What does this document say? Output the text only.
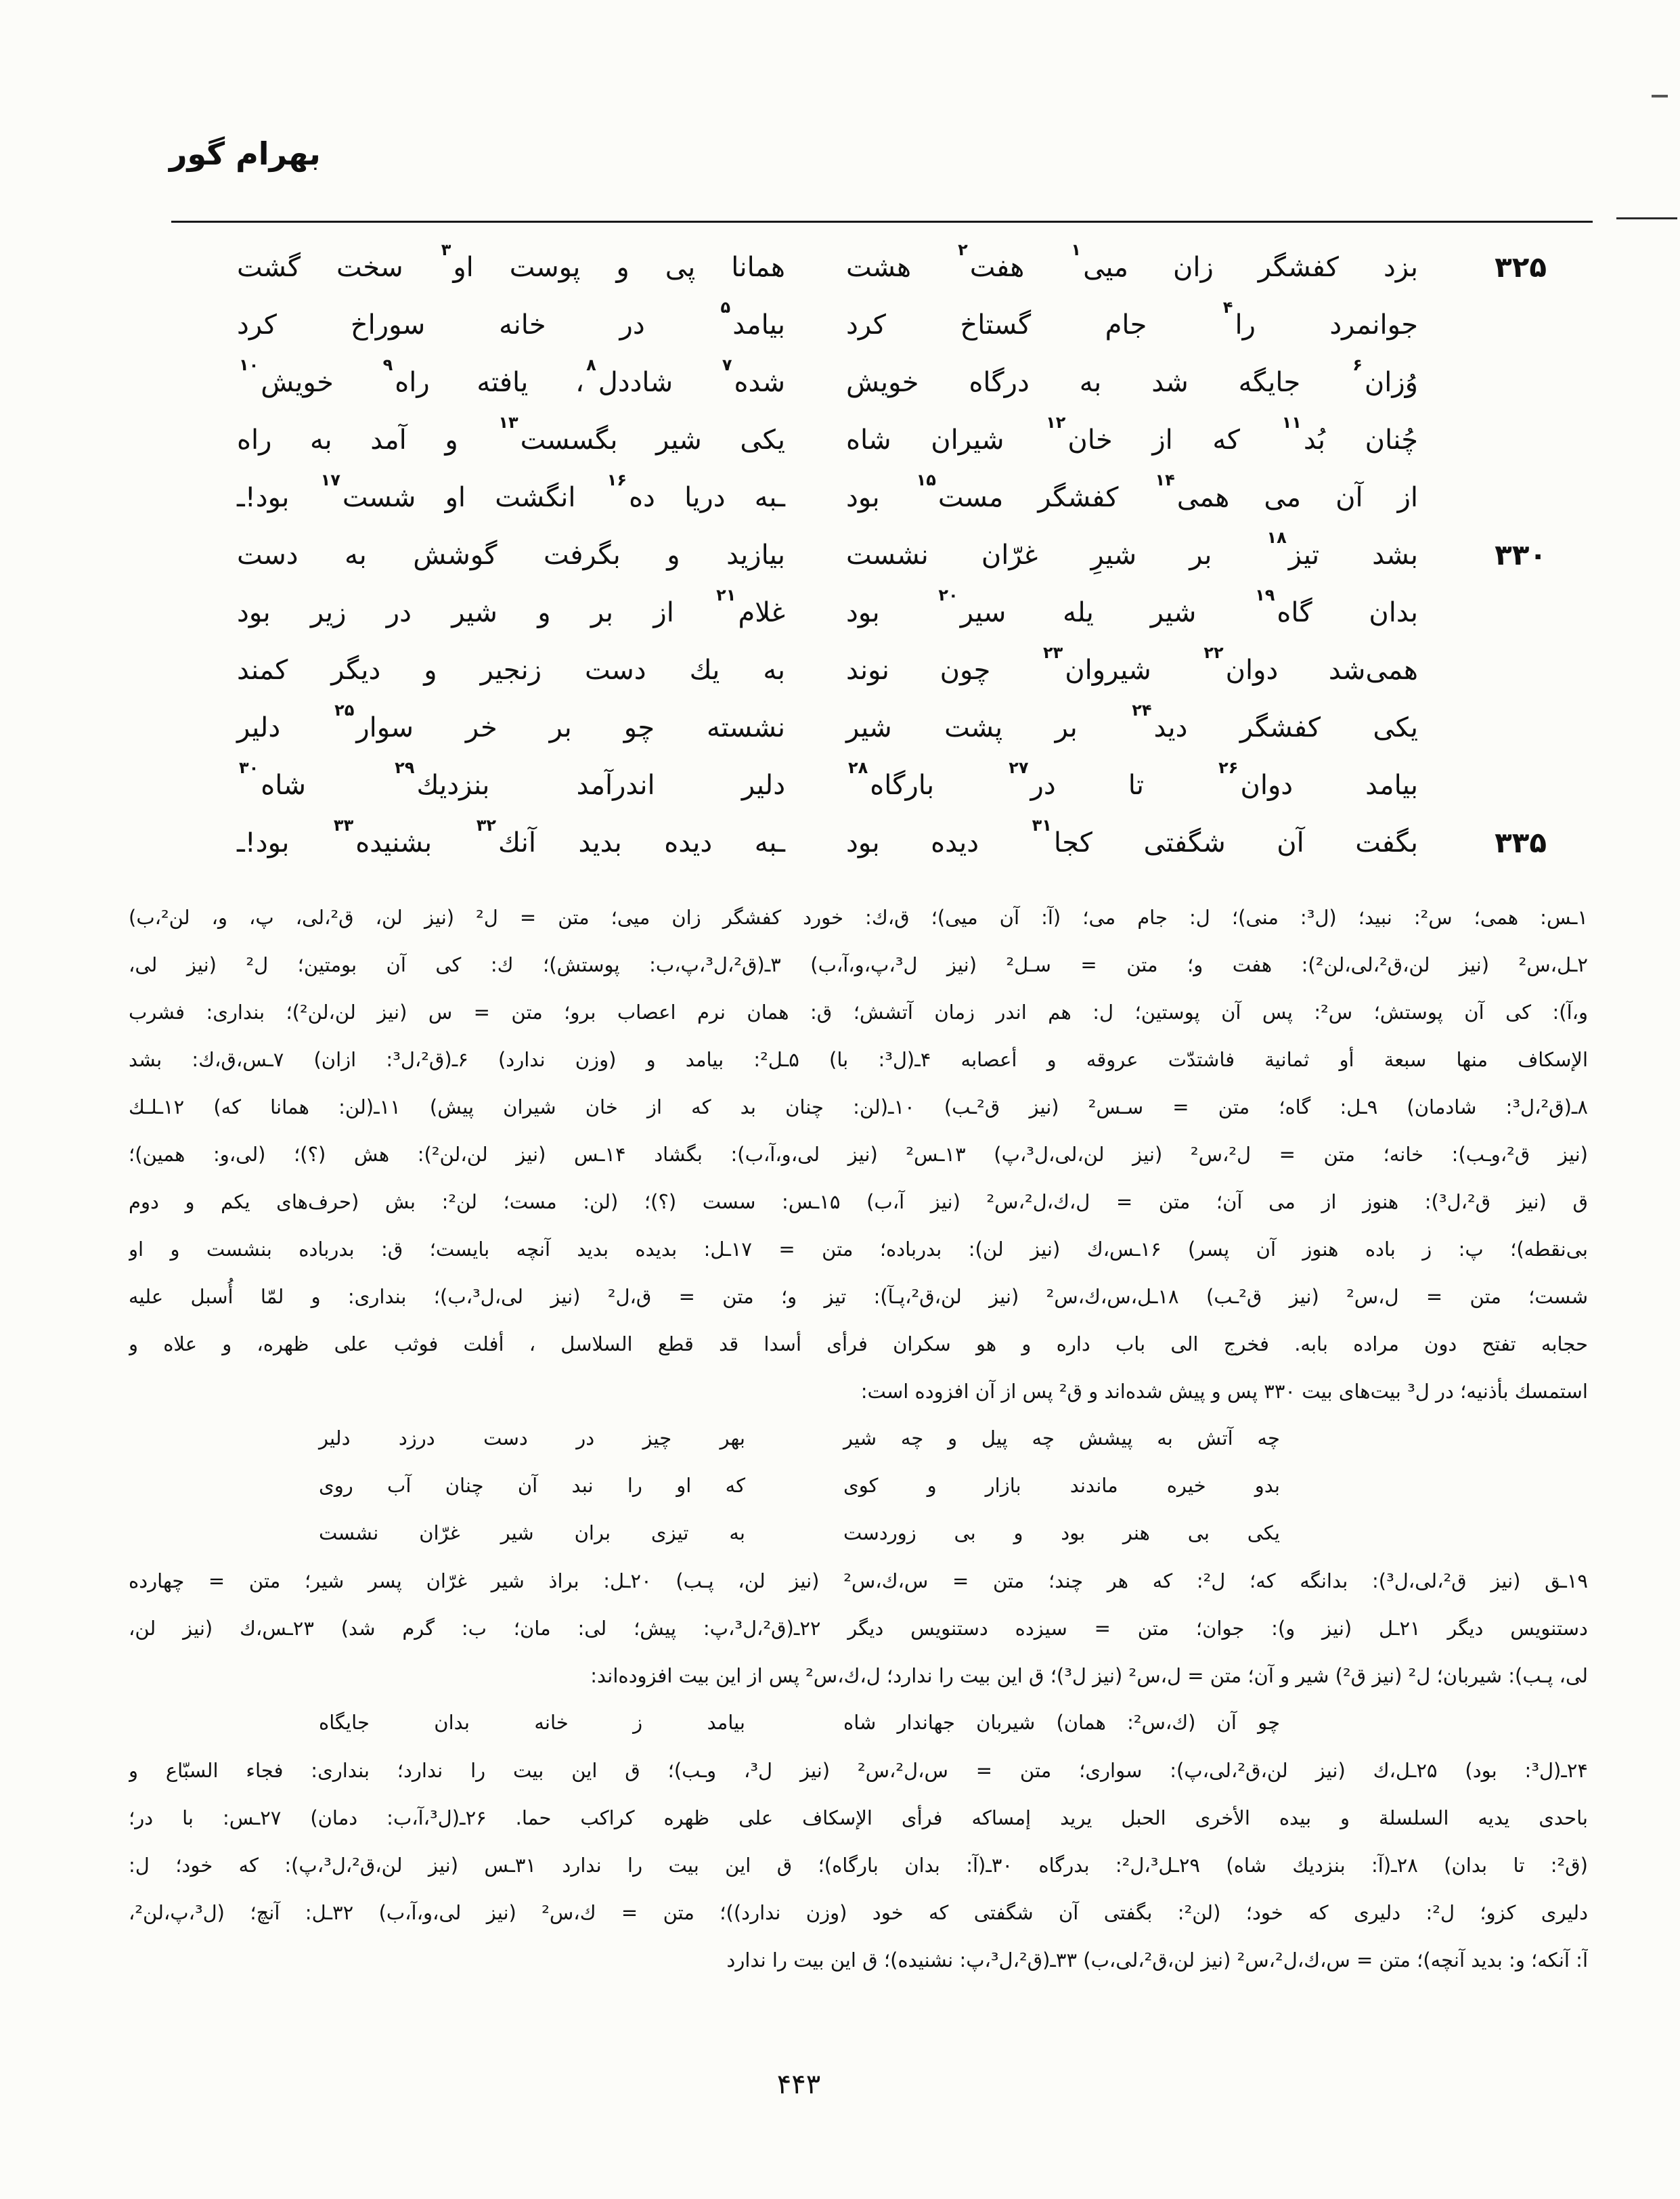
بهرام گور
۳۲۵
بزد كفشگر زان میی$^۱$ هفت$^۲$ هشت
همانا پی و پوست او$^۳$ سخت گشت
جوانمرد را$^۴$ جام گستاخ كرد
بیامد$^۵$ در خانه سوراخ كرد
وُزان$^۶$ جایگه شد به درگاه خویش
شده$^۷$ شاددل$^۸$، یافته راه$^۹$ خویش$^{۱۰}$
چُنان بُد$^{۱۱}$ كه از خان$^{۱۲}$ شیران شاه
یكی شیر بگسست$^{۱۳}$ و آمد به راه
از آن می همی$^{۱۴}$ كفشگر مست$^{۱۵}$ بود
ـبه دریا ده$^{۱۶}$ انگشت او شست$^{۱۷}$ بود!ـ
۳۳۰
بشد تیز$^{۱۸}$ بر شیرِ غرّان نشست
بیازید و بگرفت گوشش به دست
بدان گاه$^{۱۹}$ شیر یله سیر$^{۲۰}$ بود
غلام$^{۲۱}$ از بر و شیر در زیر بود
همی‌شد دوان$^{۲۲}$ شیروان$^{۲۳}$ چون نوند
به یك دست زنجیر و دیگر كمند
یكی كفشگر دید$^{۲۴}$ بر پشت شیر
نشسته چو بر خر سوار$^{۲۵}$ دلیر
بیامد دوان$^{۲۶}$ تا در$^{۲۷}$ بارگاه$^{۲۸}$
دلیر اندرآمد بنزدیك$^{۲۹}$ شاه$^{۳۰}$
۳۳۵
بگفت آن شگفتی كجا$^{۳۱}$ دیده بود
ـبه دیده بدید آنك$^{۳۲}$ بشنیده$^{۳۳}$ بود!ـ
۱ـس: همی؛ س²: نبید؛ (ل³: منی)؛ ل: جام می؛ (آ: آن میی)؛ ق،ك: خورد كفشگر زان میی؛ متن = ل² (نیز لن، ق²،لی، پ، و، لن²،ب)
۲ـل،س² (نیز لن،ق²،لی،لن²): هفت و؛ متن = سـل² (نیز ل³،پ،و،آ،ب) ۳ـ(ق²،ل³،پ،ب: پوستش)؛ ك: كی آن بومتین؛ ل² (نیز لی،
و،آ): كی آن پوستش؛ س²: پس آن پوستین؛ ل: هم اندر زمان آتشش؛ ق: همان نرم اعصاب برو؛ متن = س (نیز لن،لن²)؛ بنداری: فشرب
الإسكاف منها سبعة أو ثمانیة فاشتدّت عروقه و أعصابه ۴ـ(ل³: با) ۵ـل²: بیامد و (وزن ندارد) ۶ـ(ق²،ل³: ازان) ۷ـس،ق،ك: بشد
۸ـ(ق²،ل³: شادمان) ۹ـل: گاه؛ متن = سـس² (نیز ق²ـب) ۱۰ـ(لن: چنان بد كه از خان شیران پیش) ۱۱ـ(لن: همانا كه) ۱۲ـلـك
(نیز ق²،وـب): خانه؛ متن = ل²،س² (نیز لن،لی،ل³،پ) ۱۳ـس² (نیز لی،و،آ،ب): بگشاد ۱۴ـس (نیز لن،لن²): هش (؟)؛ (لی،و: همین)؛
ق (نیز ق²،ل³): هنوز از می آن؛ متن = ل،ك،ل²،س² (نیز آ،ب) ۱۵ـس: سست (؟)؛ (لن: مست؛ لن²: بش (حرف‌های یكم و دوم
بی‌نقطه)؛ پ: ز باده هنوز آن پسر) ۱۶ـس،ك (نیز لن): بدرباده؛ متن = ۱۷ـل: بدیده بدید آنچه بایست؛ ق: بدرباده بنشست و او
شست؛ متن = ل،س² (نیز ق²ـب) ۱۸ـل،س،ك،س² (نیز لن،ق²،پـآ): تیز و؛ متن = ق،ل² (نیز لی،ل³،ب)؛ بنداری: و لمّا أُسبل علیه
حجابه تفتح دون مراده بابه. فخرج الی باب داره و هو سكران فرأی أسدا قد قطع السلاسل ، أفلت فوثب علی ظهره، و علاه و
استمسك بأذنیه؛ در ل³ بیت‌های بیت ۳۳۰ پس و پیش شده‌اند و ق² پس از آن افزوده است:
چه آتش به پیشش چه پیل و چه شیر
بهر چیز در دست درزد دلیر
بدو خیره ماندند بازار و كوی
كه او را نبد آن چنان آب روی
یكی بی هنر بود و بی زوردست
به تیزی بران شیر غرّان نشست
۱۹ـق (نیز ق²،لی،ل³): بدانگه كه؛ ل²: كه هر چند؛ متن = س،ك،س² (نیز لن، پـب) ۲۰ـل: براذ شیر غرّان پسر شیر؛ متن = چهارده
دستنویس دیگر ۲۱ـل (نیز و): جوان؛ متن = سیزده دستنویس دیگر ۲۲ـ(ق²،ل³،پ: پیش؛ لی: مان؛ ب: گرم شد) ۲۳ـس،ك (نیز لن،
لی، پـب): شیربان؛ ل² (نیز ق²) شیر و آن؛ متن = ل،س² (نیز ل³)؛ ق این بیت را ندارد؛ ل،ك،س² پس از این بیت افزوده‌اند:
چو آن (ك،س²: همان) شیربان جهاندار شاه
بیامد ز خانه بدان جایگاه
۲۴ـ(ل³: بود) ۲۵ـل،ك (نیز لن،ق²،لی،پ): سواری؛ متن = س،ل²،س² (نیز ل³، وـب)؛ ق این بیت را ندارد؛ بنداری: فجاء السبّاع و
باحدی یدیه السلسلة و بیده الأخری الحبل یرید إمساكه فرأی الإسكاف علی ظهره كراكب حما. ۲۶ـ(ل³،آ،ب: دمان) ۲۷ـس: با در؛
(ق²: تا بدان) ۲۸ـ(آ: بنزدیك شاه) ۲۹ـل³،ل²: بدرگاه ۳۰ـ(آ: بدان بارگاه)؛ ق این بیت را ندارد ۳۱ـس (نیز لن،ق²،ل³،پ): كه خود؛ ل:
دلیری كزو؛ ل²: دلیری كه خود؛ (لن²: بگفتی آن شگفتی كه خود (وزن ندارد))؛ متن = ك،س² (نیز لی،و،آ،ب) ۳۲ـل: آنچ؛ (ل³،پ،لن²،
آ: آنكه؛ و: بدید آنچه)؛ متن = س،ك،ل²،س² (نیز لن،ق²،لی،ب) ۳۳ـ(ق²،ل³،پ: نشنیده)؛ ق این بیت را ندارد
۴۴۳
